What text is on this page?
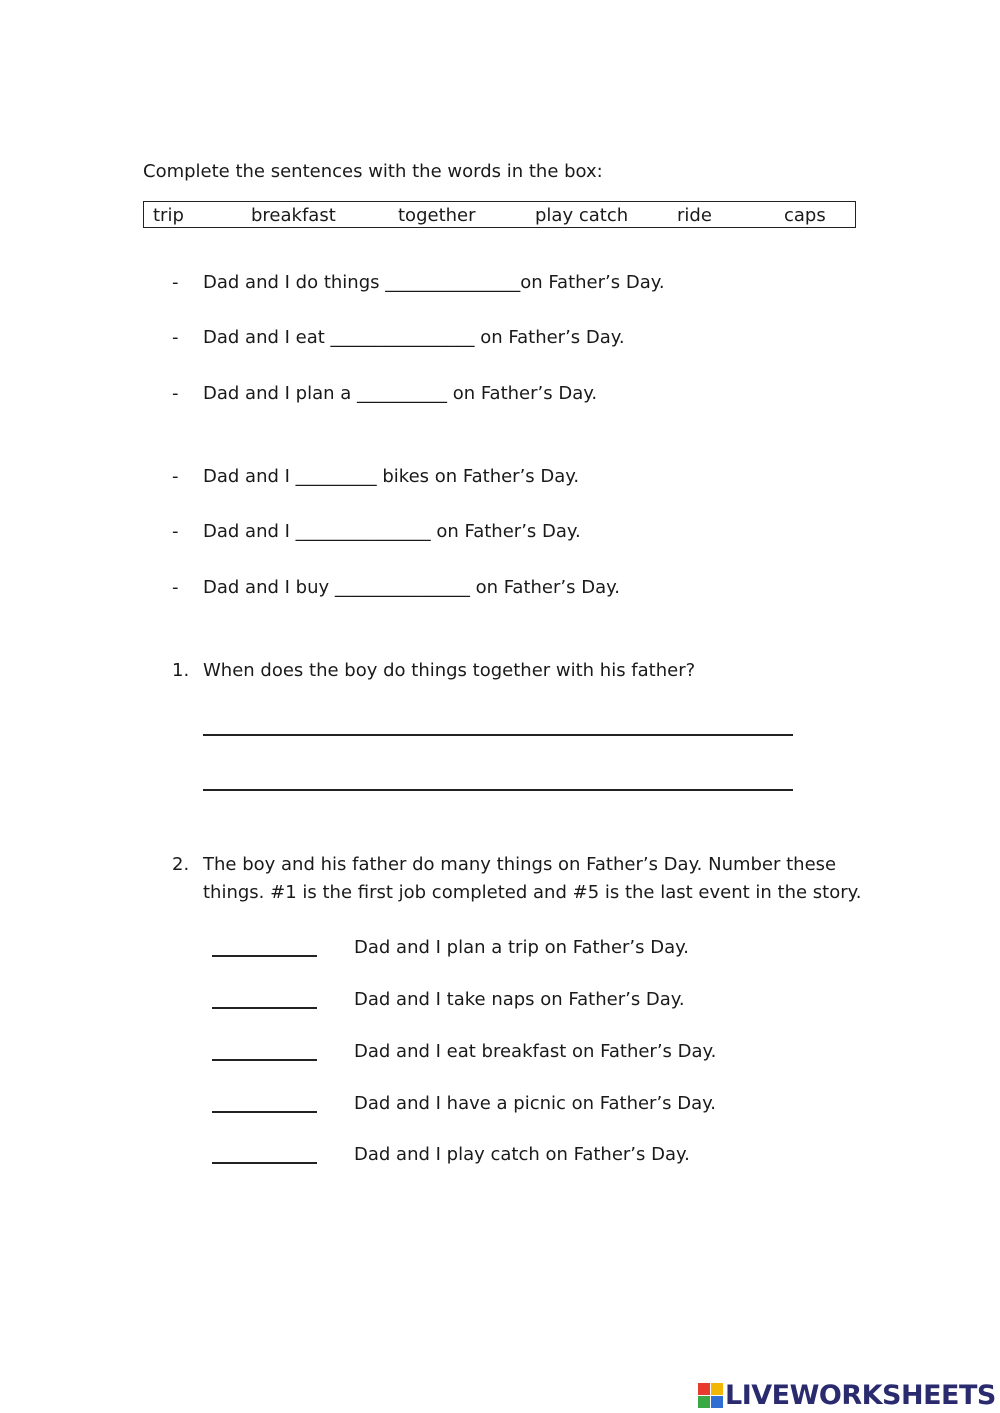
Complete the sentences with the words in the box:
trip	breakfast	together	play catch	ride	caps
- Dad and I do things _______________on Father’s Day.
- Dad and I eat ________________ on Father’s Day.
- Dad and I plan a __________ on Father’s Day.
- Dad and I _________ bikes on Father’s Day.
- Dad and I _______________ on Father’s Day.
- Dad and I buy _______________ on Father’s Day.
1. When does the boy do things together with his father?
2. The boy and his father do many things on Father’s Day. Number these
things. #1 is the first job completed and #5 is the last event in the story.
Dad and I plan a trip on Father’s Day.
Dad and I take naps on Father’s Day.
Dad and I eat breakfast on Father’s Day.
Dad and I have a picnic on Father’s Day.
Dad and I play catch on Father’s Day.
LIVEWORKSHEETS
